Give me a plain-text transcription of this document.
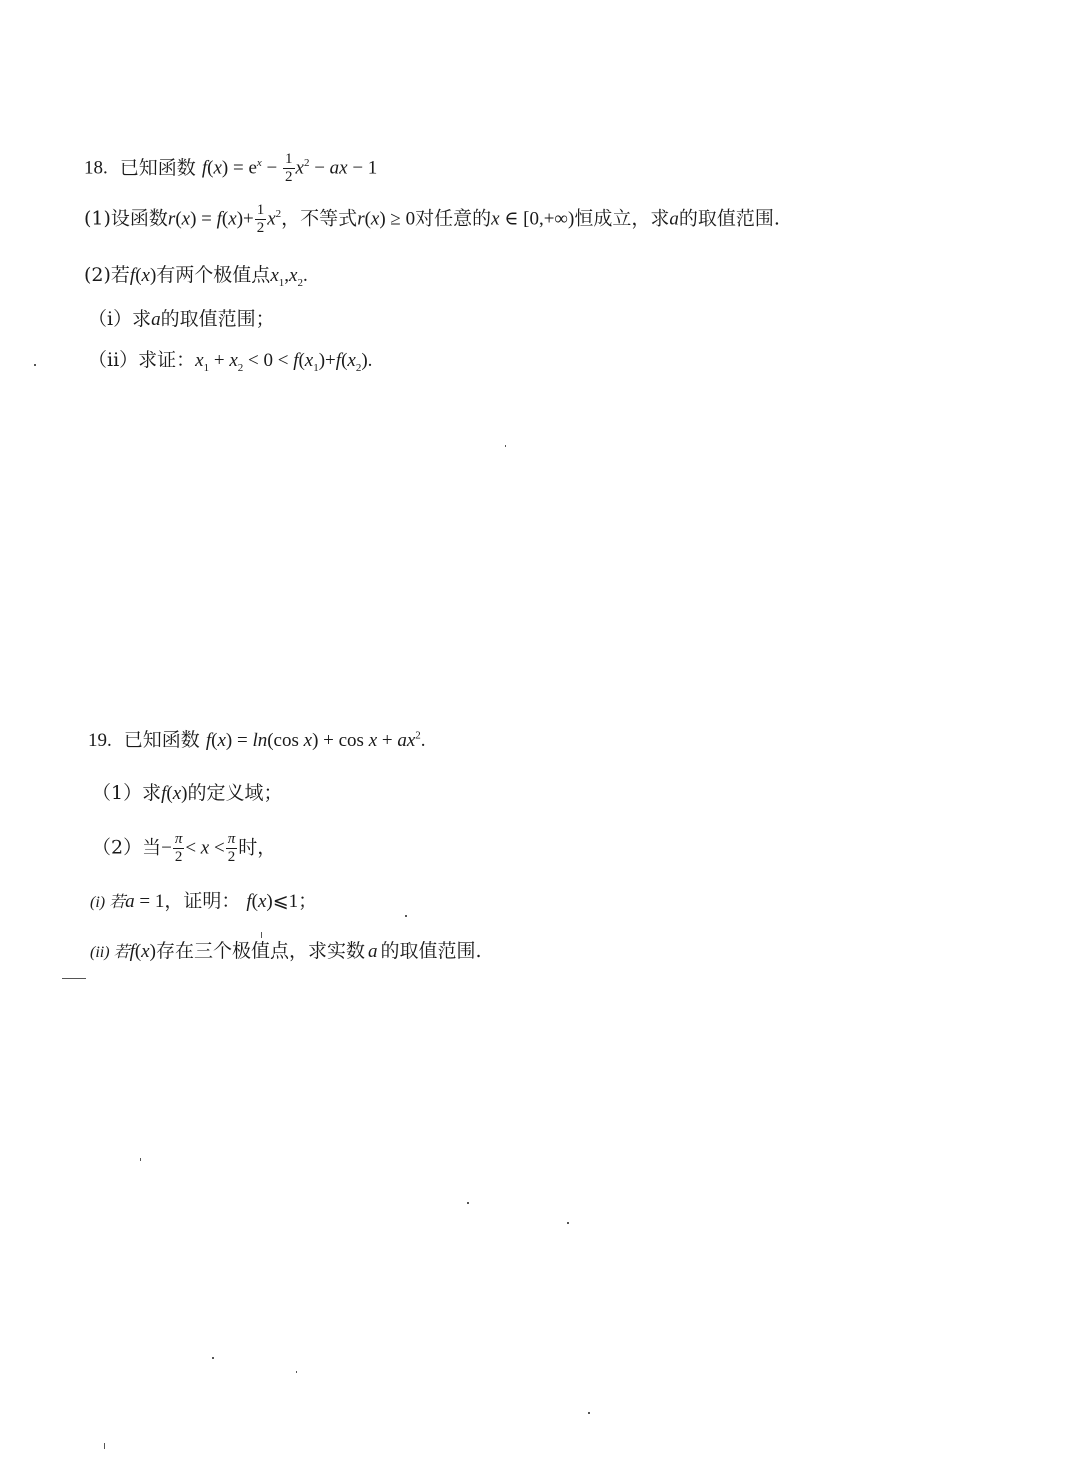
18. 已知函数 $f(x) = e^x - \frac{1}{2} x^2$ − ax − 1
(1)设函数$r(x) = f(x)+ \frac{1}{2} x^2$，不等式r(x) ≥ 0对任意的x ∈ [0,+∞)恒成立，求a的取值范围.
(2)若f(x)有两个极值点$x_1,x_2$.
（i）求a的取值范围；
（ii）求证：$x_1 + x_2 < 0 < f(x_1)+f(x_2)$.
19. 已知函数 f(x) = ln(cos $x) + \cos x + ax^2$.
（1）求f(x)的定义域；
（2）当− $\frac{\pi}{2} < x < \frac{\pi}{2}$ 时，
(i) 若a = 1，证明： f(x)⩽1；
(ii) 若f(x)存在三个极值点，求实数 a 的取值范围.
